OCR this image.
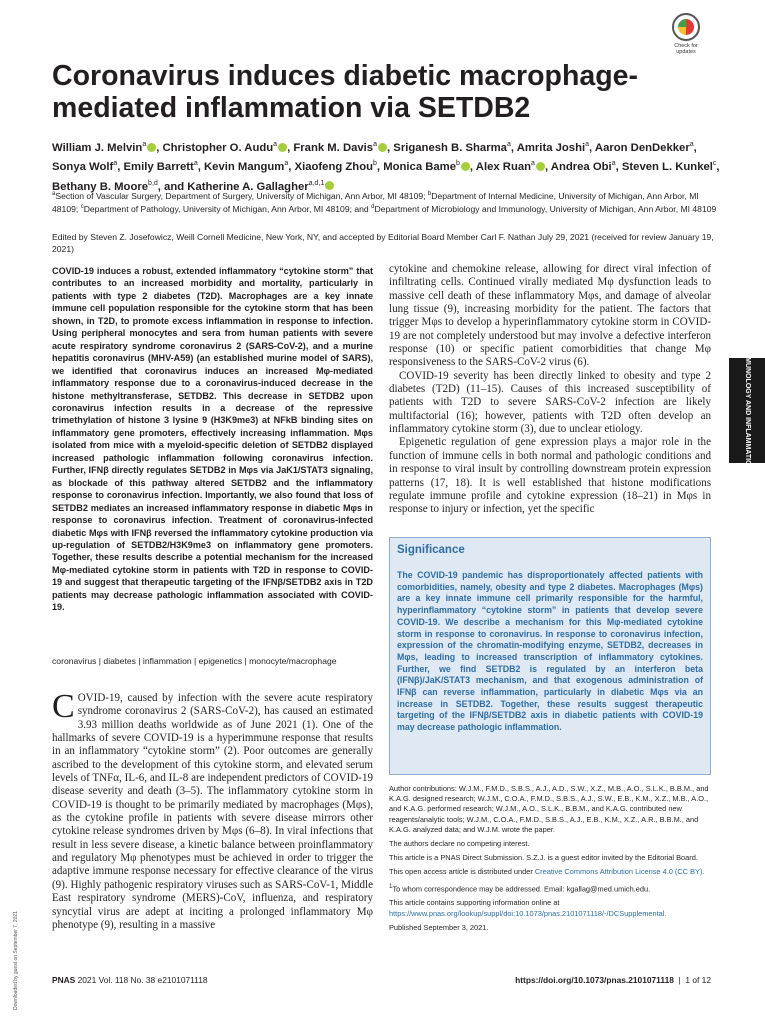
Check for updates
Coronavirus induces diabetic macrophage-mediated inflammation via SETDB2
William J. Melvin$^a$ , Christopher O. Audu$^a$ , Frank M. Davis$^a$ , Sriganesh B. Sharma$^a$, Amrita Joshi$^a$, Aaron DenDekker$^a$, Sonya Wolf$^a$, Emily Barrett$^a$, Kevin Mangum$^a$, Xiaofeng Zhou$^b$, Monica Bame$^b$ , Alex Ruan$^a$ , Andrea Obi$^a$, Steven L. Kunkel$^c$, Bethany B. Moore$^{b,d}$, and Katherine A. Gallagher$^{a,d,1}$
$^a$Section of Vascular Surgery, Department of Surgery, University of Michigan, Ann Arbor, MI 48109; $^b$Department of Internal Medicine, University of Michigan, Ann Arbor, MI 48109; $^c$Department of Pathology, University of Michigan, Ann Arbor, MI 48109; and $^d$Department of Microbiology and Immunology, University of Michigan, Ann Arbor, MI 48109
Edited by Steven Z. Josefowicz, Weill Cornell Medicine, New York, NY, and accepted by Editorial Board Member Carl F. Nathan July 29, 2021 (received for review January 19, 2021)
COVID-19 induces a robust, extended inflammatory “cytokine storm” that contributes to an increased morbidity and mortality, particularly in patients with type 2 diabetes (T2D). Macrophages are a key innate immune cell population responsible for the cytokine storm that has been shown, in T2D, to promote excess inflammation in response to infection. Using peripheral monocytes and sera from human patients with severe acute respiratory syndrome coronavirus 2 (SARS-CoV-2), and a murine hepatitis coronavirus (MHV-A59) (an established murine model of SARS), we identified that coronavirus induces an increased Mφ-mediated inflammatory response due to a coronavirus-induced decrease in the histone methyltransferase, SETDB2. This decrease in SETDB2 upon coronavirus infection results in a decrease of the repressive trimethylation of histone 3 lysine 9 (H3K9me3) at NFkB binding sites on inflammatory gene promoters, effectively increasing inflammation. Mφs isolated from mice with a myeloid-specific deletion of SETDB2 displayed increased pathologic inflammation following coronavirus infection. Further, IFNβ directly regulates SETDB2 in Mφs via JaK1/STAT3 signaling, as blockade of this pathway altered SETDB2 and the inflammatory response to coronavirus infection. Importantly, we also found that loss of SETDB2 mediates an increased inflammatory response in diabetic Mφs in response to coronavirus infection. Treatment of coronavirus-infected diabetic Mφs with IFNβ reversed the inflammatory cytokine production via up-regulation of SETDB2/H3K9me3 on inflammatory gene promoters. Together, these results describe a potential mechanism for the increased Mφ-mediated cytokine storm in patients with T2D in response to COVID-19 and suggest that therapeutic targeting of the IFNβ/SETDB2 axis in T2D patients may decrease pathologic inflammation associated with COVID-19.
coronavirus | diabetes | inflammation | epigenetics | monocyte/macrophage
COVID-19, caused by infection with the severe acute respiratory syndrome coronavirus 2 (SARS-CoV-2), has caused an estimated 3.93 million deaths worldwide as of June 2021 (1). One of the hallmarks of severe COVID-19 is a hyperimmune response that results in an inflammatory “cytokine storm” (2). Poor outcomes are generally ascribed to the development of this cytokine storm, and elevated serum levels of TNFα, IL-6, and IL-8 are independent predictors of COVID-19 disease severity and death (3–5). The inflammatory cytokine storm in COVID-19 is thought to be primarily mediated by macrophages (Mφs), as the cytokine profile in patients with severe disease mirrors other cytokine release syndromes driven by Mφs (6–8). In viral infections that result in less severe disease, a kinetic balance between proinflammatory and regulatory Mφ phenotypes must be achieved in order to trigger the adaptive immune response necessary for effective clearance of the virus (9). Highly pathogenic respiratory viruses such as SARS-CoV-1, Middle East respiratory syndrome (MERS)-CoV, influenza, and respiratory syncytial virus are adept at inciting a prolonged inflammatory Mφ phenotype (9), resulting in a massive

cytokine and chemokine release, allowing for direct viral infection of infiltrating cells. Continued virally mediated Mφ dysfunction leads to massive cell death of these inflammatory Mφs, and damage of alveolar lung tissue (9), increasing morbidity for the patient. The factors that trigger Mφs to develop a hyperinflammatory cytokine storm in COVID-19 are not completely understood but may involve a defective interferon response (10) or specific patient comorbidities that change Mφ responsiveness to the SARS-CoV-2 virus (6).

COVID-19 severity has been directly linked to obesity and type 2 diabetes (T2D) (11–15). Causes of this increased susceptibility of patients with T2D to severe SARS-CoV-2 infection are likely multifactorial (16); however, patients with T2D often develop an inflammatory cytokine storm (3), due to unclear etiology.

Epigenetic regulation of gene expression plays a major role in the function of immune cells in both normal and pathologic conditions and in response to viral insult by controlling downstream protein expression patterns (17, 18). It is well established that histone modifications regulate immune profile and cytokine expression (18–21) in Mφs in response to injury or infection, yet the specific

IMMUNOLOGY AND INFLAMMATION
Significance
The COVID-19 pandemic has disproportionately affected patients with comorbidities, namely, obesity and type 2 diabetes. Macrophages (Mφs) are a key innate immune cell primarily responsible for the harmful, hyperinflammatory “cytokine storm” in patients that develop severe COVID-19. We describe a mechanism for this Mφ-mediated cytokine storm in response to coronavirus. In response to coronavirus infection, expression of the chromatin-modifying enzyme, SETDB2, decreases in Mφs, leading to increased transcription of inflammatory cytokines. Further, we find SETDB2 is regulated by an interferon beta (IFNβ)/JaK/STAT3 mechanism, and that exogenous administration of IFNβ can reverse inflammation, particularly in diabetic Mφs via an increase in SETDB2. Together, these results suggest therapeutic targeting of the IFNβ/SETDB2 axis in diabetic patients with COVID-19 may decrease pathologic inflammation.

Author contributions: W.J.M., F.M.D., S.B.S., A.J., A.D., S.W., X.Z., M.B., A.O., S.L.K., B.B.M., and K.A.G. designed research; W.J.M., C.O.A., F.M.D., S.B.S., A.J., S.W., E.B., K.M., X.Z., M.B., A.O., and K.A.G. performed research; W.J.M., A.O., S.L.K., B.B.M., and K.A.G. contributed new reagents/analytic tools; W.J.M., C.O.A., F.M.D., S.B.S., A.J., E.B., K.M., X.Z., A.R., B.B.M., and K.A.G. analyzed data; and W.J.M. wrote the paper.

The authors declare no competing interest.

This article is a PNAS Direct Submission. S.Z.J. is a guest editor invited by the Editorial Board.

This open access article is distributed under Creative Commons Attribution License 4.0 (CC BY).

$^1$To whom correspondence may be addressed. Email: kgallag@med.umich.edu.

This article contains supporting information online at https://www.pnas.org/lookup/suppl/doi:10.1073/pnas.2101071118/-/DCSupplemental.

Published September 3, 2021.

PNAS 2021 Vol. 118 No. 38 e2101071118	https://doi.org/10.1073/pnas.2101071118  |  1 of 12
Downloaded by guest on September 7, 2021
